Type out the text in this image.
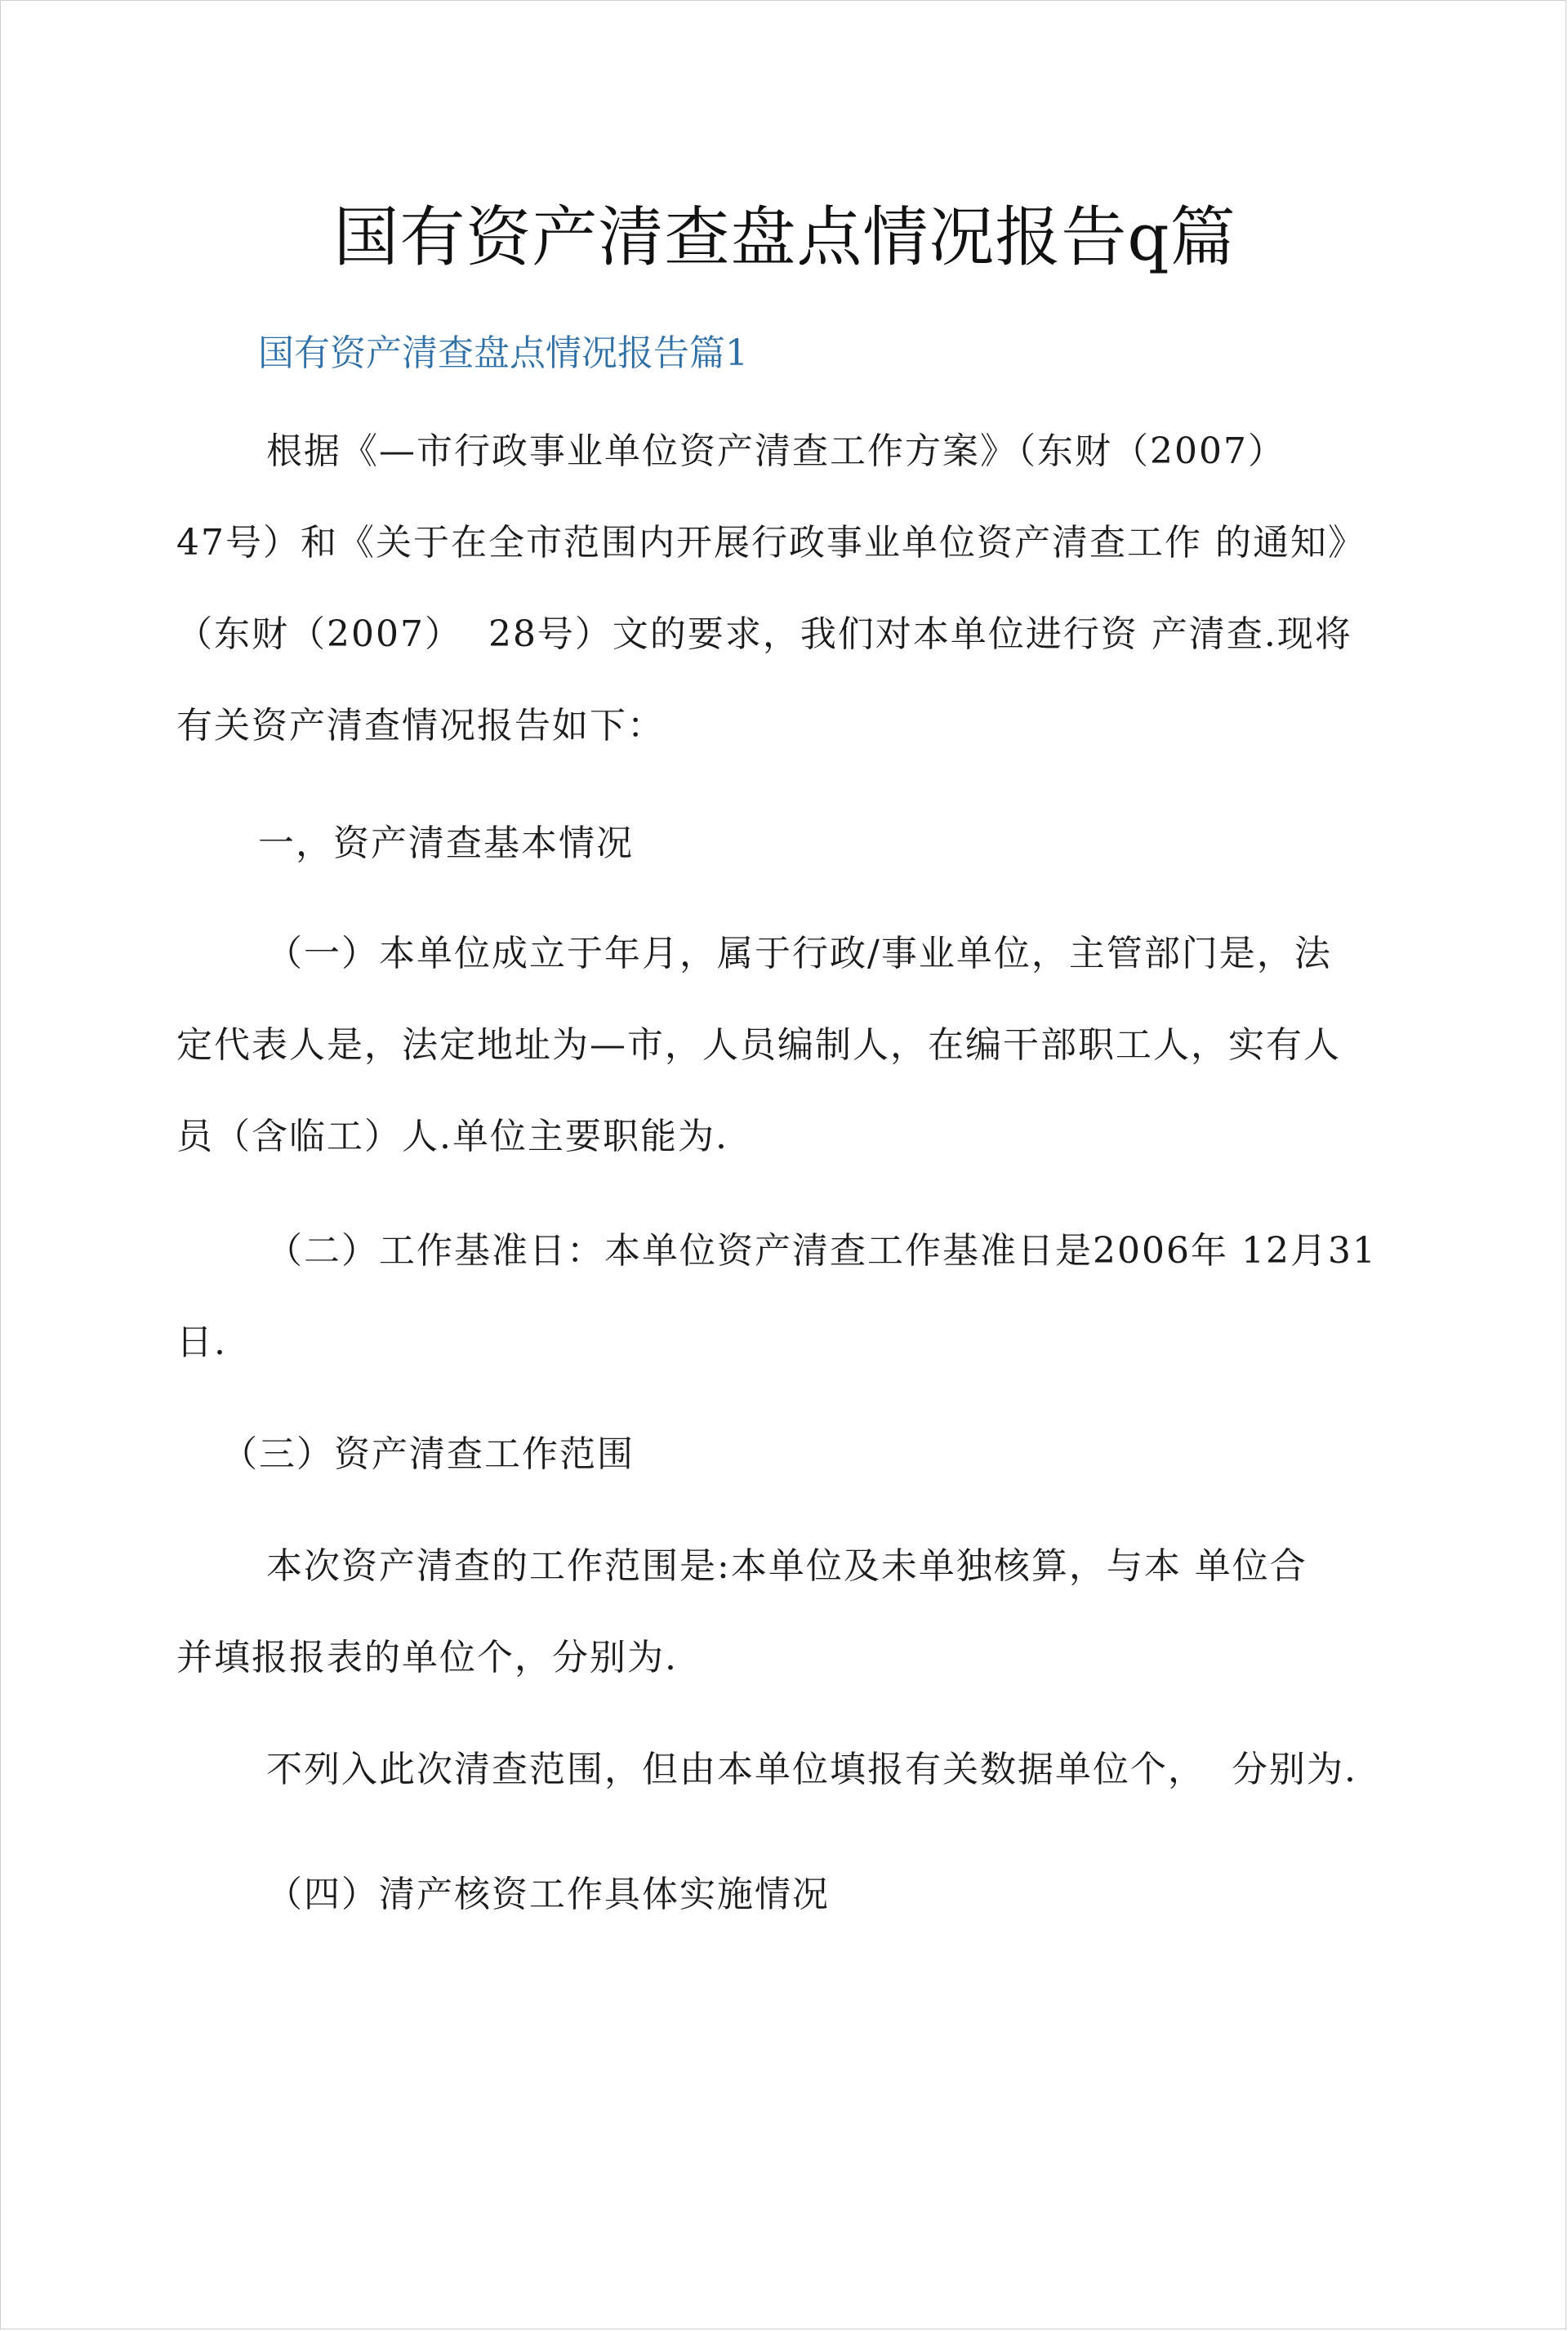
国有资产清查盘点情况报告q篇
国有资产清查盘点情况报告篇1
根据《—市行政事业单位资产清查工作方案》（东财（2007）
47号）和《关于在全市范围内开展行政事业单位资产清查工作 的通知》
（东财（2007）  28号）文的要求，我们对本单位进行资 产清查.现将
有关资产清查情况报告如下：
一，资产清查基本情况
（一）本单位成立于年月，属于行政/事业单位，主管部门是，法
定代表人是，法定地址为—市，人员编制人，在编干部职工人，实有人
员（含临工）人.单位主要职能为.
（二）工作基准日：本单位资产清查工作基准日是2006年 12月31
日.
（三）资产清查工作范围
本次资产清查的工作范围是:本单位及未单独核算，与本 单位合
并填报报表的单位个，分别为.
不列入此次清查范围，但由本单位填报有关数据单位个，  分别为.
（四）清产核资工作具体实施情况
